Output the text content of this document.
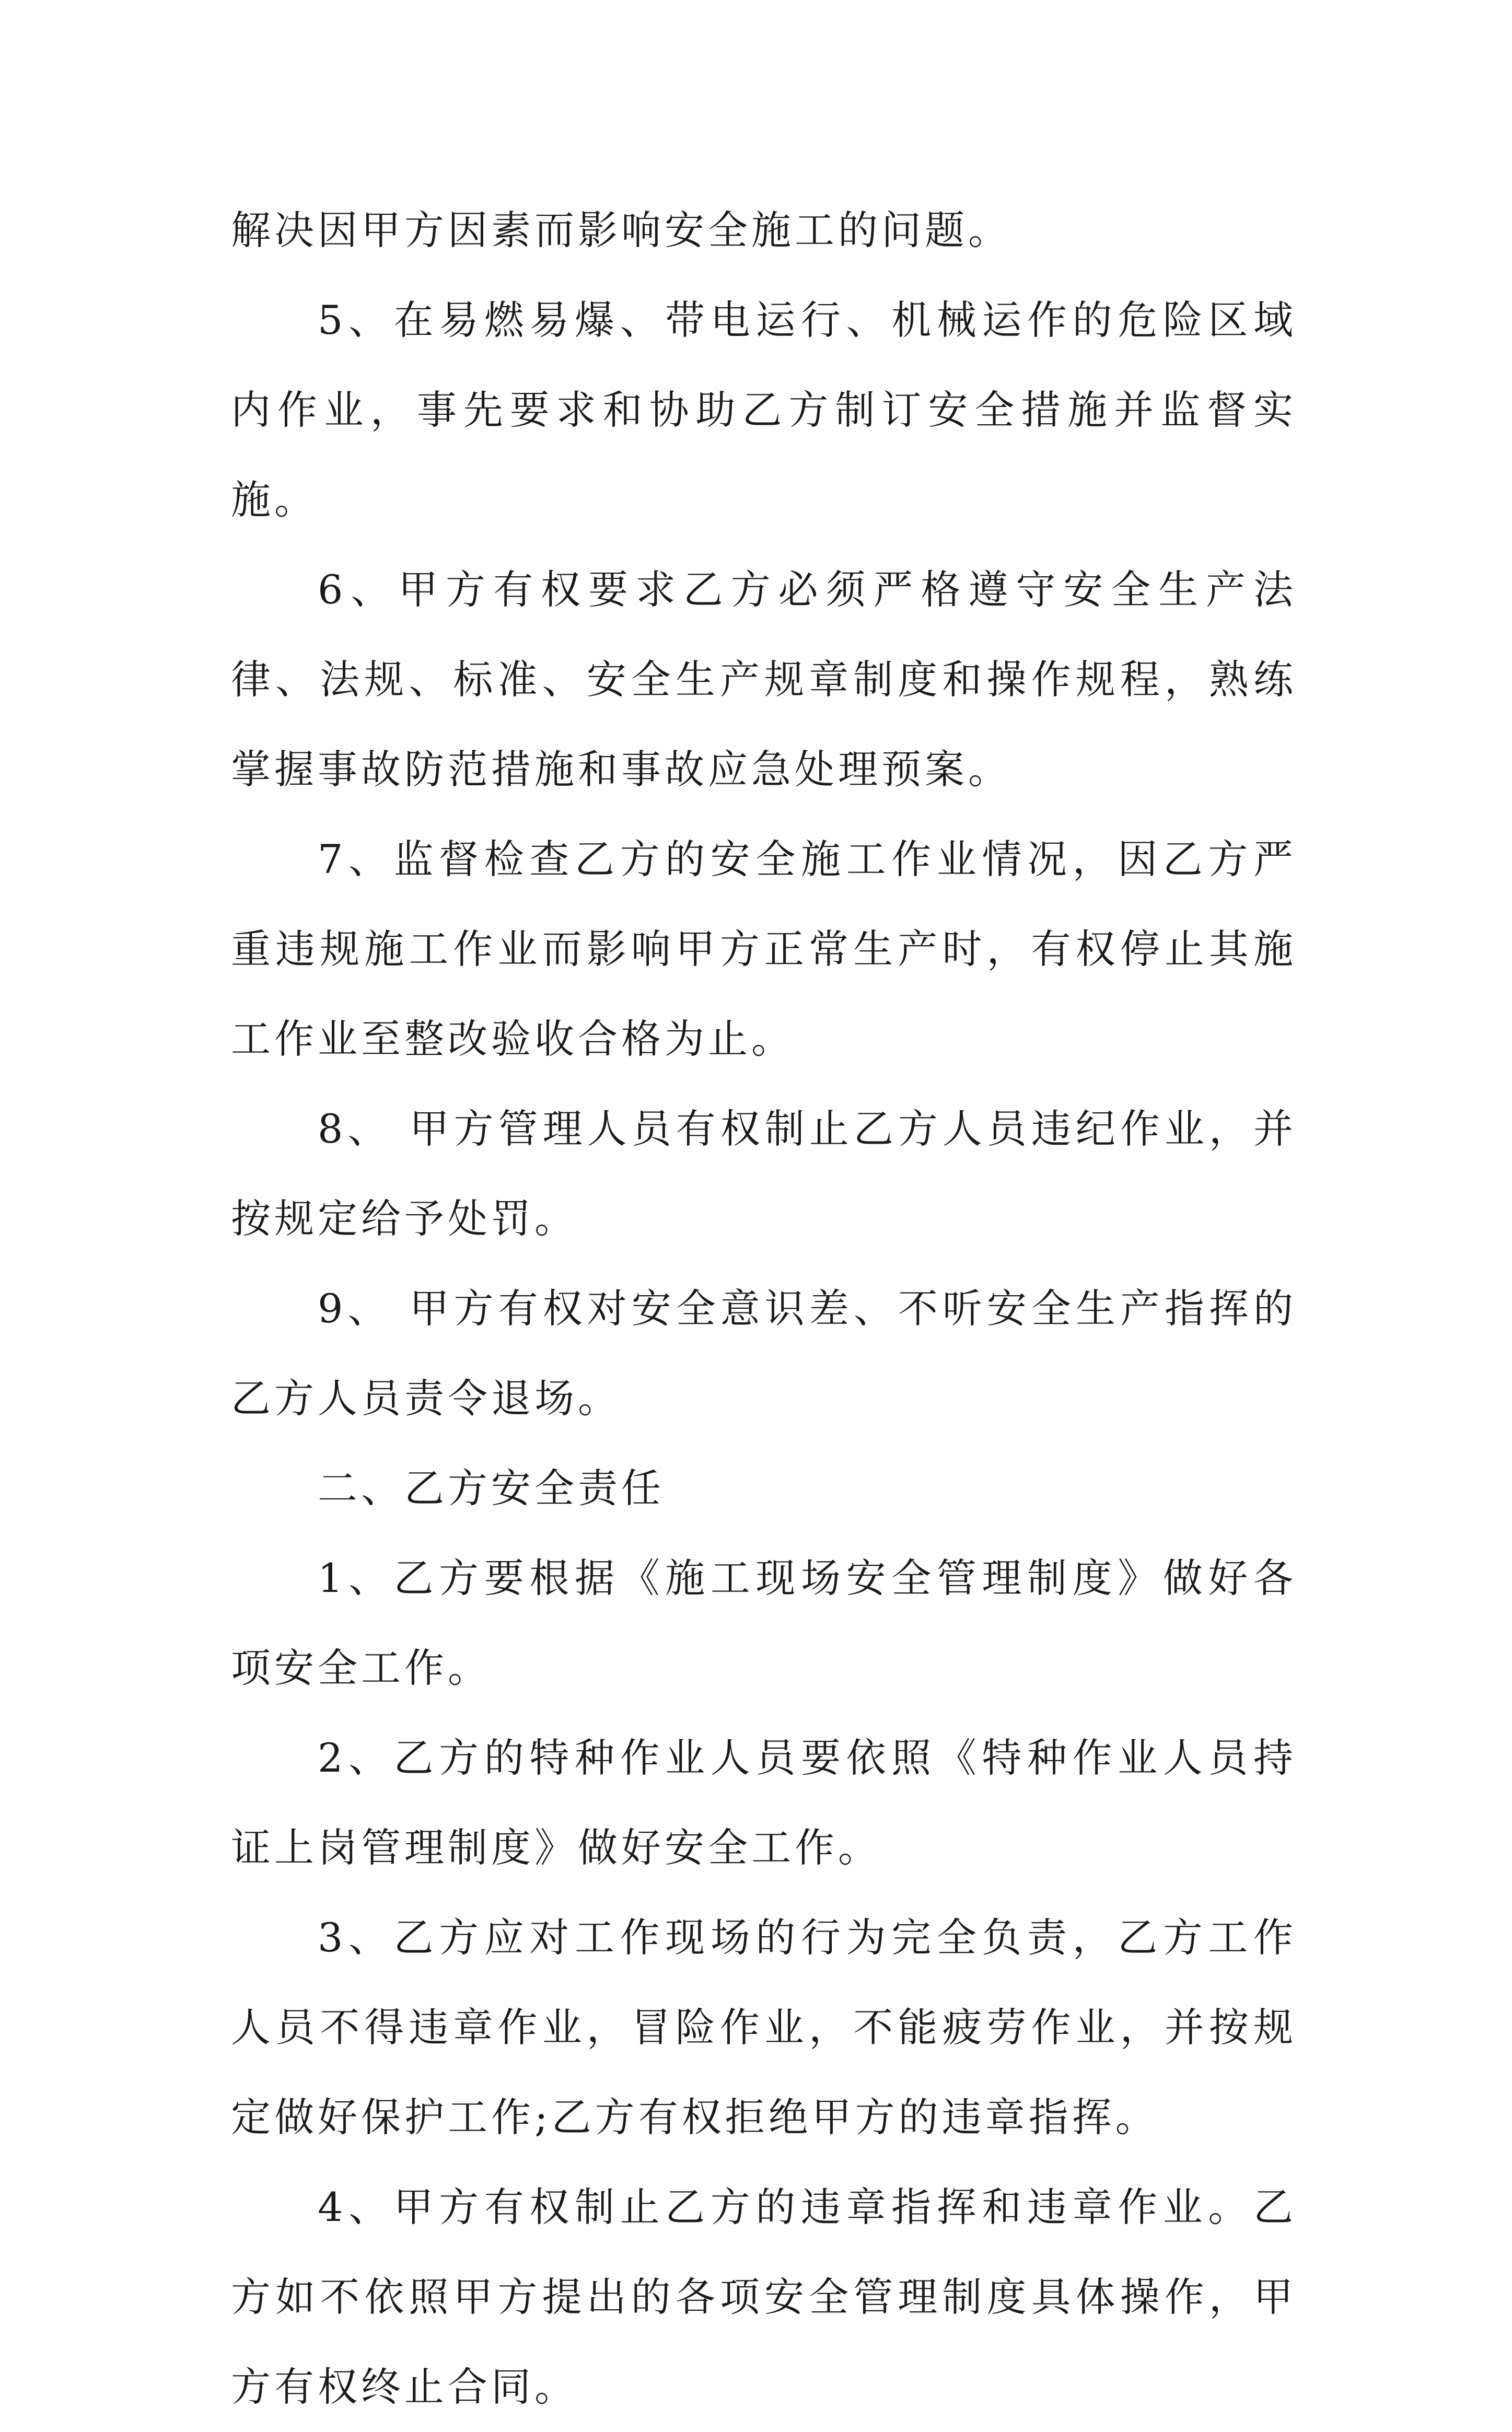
解决因甲方因素而影响安全施工的问题。

5、在易燃易爆、带电运行、机械运作的危险区域内作业，事先要求和协助乙方制订安全措施并监督实施。

6、甲方有权要求乙方必须严格遵守安全生产法律、法规、标准、安全生产规章制度和操作规程，熟练掌握事故防范措施和事故应急处理预案。

7、监督检查乙方的安全施工作业情况，因乙方严重违规施工作业而影响甲方正常生产时，有权停止其施工作业至整改验收合格为止。

8、 甲方管理人员有权制止乙方人员违纪作业，并按规定给予处罚。

9、 甲方有权对安全意识差、不听安全生产指挥的乙方人员责令退场。

二、乙方安全责任

1、乙方要根据《施工现场安全管理制度》做好各项安全工作。

2、乙方的特种作业人员要依照《特种作业人员持证上岗管理制度》做好安全工作。

3、乙方应对工作现场的行为完全负责，乙方工作人员不得违章作业，冒险作业，不能疲劳作业，并按规定做好保护工作;乙方有权拒绝甲方的违章指挥。

4、甲方有权制止乙方的违章指挥和违章作业。乙方如不依照甲方提出的各项安全管理制度具体操作，甲方有权终止合同。
